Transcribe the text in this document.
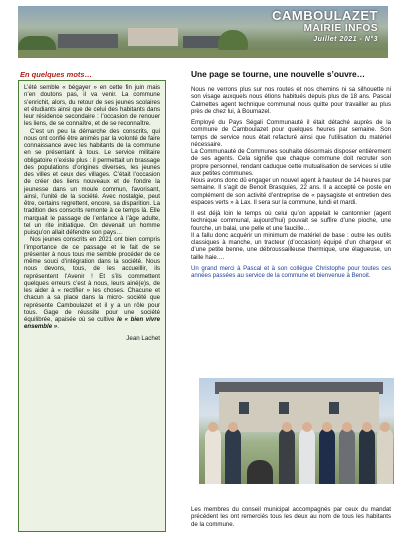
CAMBOULAZET
MAIRIE INFOS
Juillet 2021 - N°3
En quelques mots…

L’été semble « bégayer » en cette fin juin mais n’en doutons pas, il va venir. La commune s’enrichit, alors, du retour de ses jeunes scolaires et étudiants ainsi que de celui des habitants dans leur résidence secondaire : l’occasion de renouer les liens, de se connaître, et de se reconnaître.

C’est un peu la démarche des conscrits, qui nous ont confié être animés par la volonté de faire connaissance avec les habitants de la commune en se présentant à tous. Le service militaire obligatoire n’existe plus : il permettait un brassage des populations d’origines diverses, les jeunes des villes et ceux des villages. C’était l’occasion de créer des liens nouveaux et de fondre la jeunesse dans un moule commun, favorisant, ainsi, l’unité de la société. Avec nostalgie, peut être, certains regrettent, encore, sa disparition. La tradition des conscrits remonte à ce temps là. Elle marquait le passage de l’enfance à l’âge adulte, tel un rite initiatique. On devenait un homme puisqu’on allait défendre son pays…

Nos jeunes conscrits en 2021 ont bien compris l’importance de ce passage et le fait de se présenter à nous tous me semble procéder de ce même souci d’intégration dans la société. Nous nous devons, tous, de les accueillir, ils représentent l’Avenir ! Et s’ils commettent quelques erreurs c’est à nous, leurs ainé(e)s, de les aider à « rectifier » les choses. Chacune et chacun a sa place dans la micro- société que représente Camboulazet et il y a un rôle pour tous. Gage de réussite pour une société équilibrée, apaisée où se cultive le « bien vivre ensemble ».

Jean Lachet
Une page se tourne, une nouvelle s’ouvre…

Nous ne verrons plus sur nos routes et nos chemins ni sa silhouette ni son visage auxquels nous étions habitués depuis plus de 18 ans. Pascal Calmettes agent technique communal nous quitte pour travailler au plus près de chez lui, à Boumazel.

Employé du Pays Ségali Communauté il était détaché auprès de la commune de Camboulazet pour quelques heures par semaine. Son temps de service nous était refacturé ainsi que l’utilisation du matériel nécessaire.

La Communauté de Communes souhaite désormais disposer entièrement de ses agents. Cela signifie que chaque commune doit recruter son propre personnel, rendant caduque cette mutualisation de services si utile aux petites communes.

Nous avons donc dû engager un nouvel agent à hauteur de 14 heures par semaine. Il s’agit de Benoit Brasquies, 22 ans. Il a accepté ce poste en complément de son activité d’entreprise de « paysagiste et entretien des espaces verts » à Lax. Il sera sur la commune, lundi et mardi.

Il est déjà loin le temps où celui qu’on appelait le cantonnier (agent technique communal, aujourd’hui) pouvait se suffire d’une pioche, une fourche, un balai, une pelle et une faucille…

Il a fallu donc acquérir un minimum de matériel de base : outre les outils classiques à manche, un tracteur (d’occasion) équipé d’un chargeur et d’une petite benne, une débroussailleuse thermique, une élagueuse, un taille haie….

Un grand merci à Pascal et à son collègue Christophe pour toutes ces années passées au service de la commune et bienvenue à Benoit.

Les membres du conseil municipal accompagnés par ceux du mandat précédent les ont remerciés tous les deux au nom de tous les habitants de la commune.
